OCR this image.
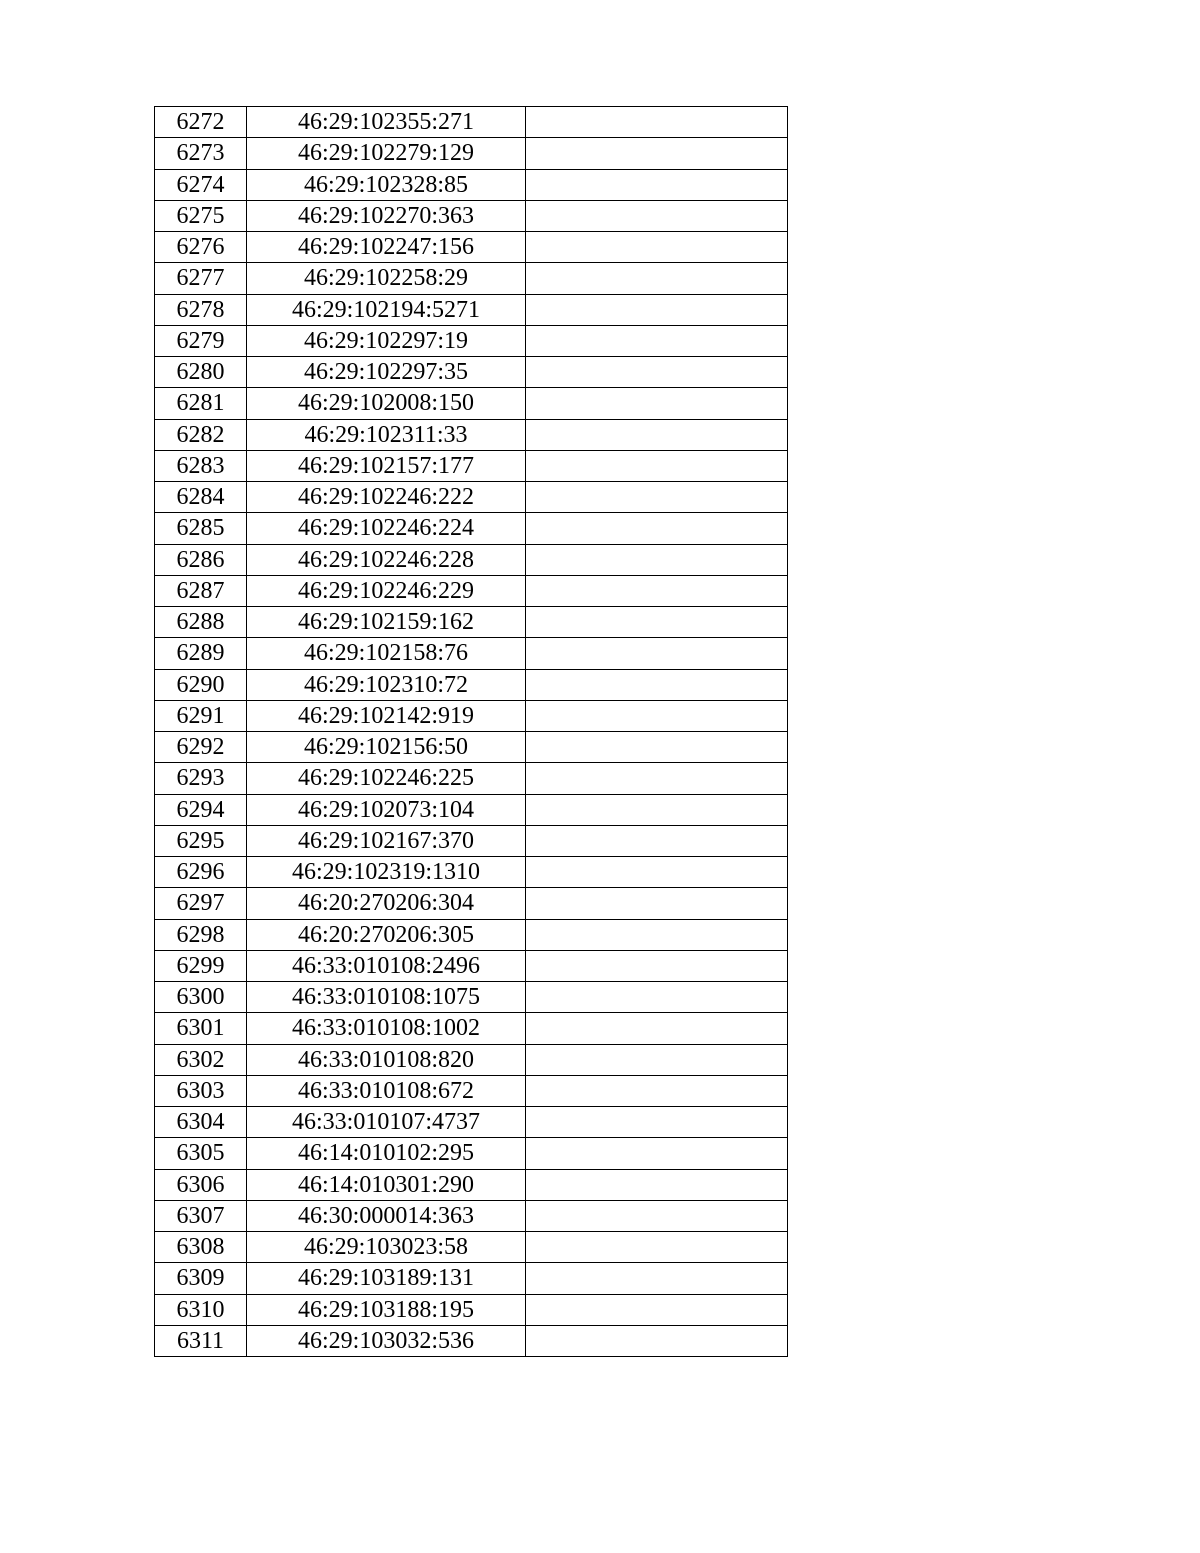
6272	46:29:102355:271	
6273	46:29:102279:129	
6274	46:29:102328:85	
6275	46:29:102270:363	
6276	46:29:102247:156	
6277	46:29:102258:29	
6278	46:29:102194:5271	
6279	46:29:102297:19	
6280	46:29:102297:35	
6281	46:29:102008:150	
6282	46:29:102311:33	
6283	46:29:102157:177	
6284	46:29:102246:222	
6285	46:29:102246:224	
6286	46:29:102246:228	
6287	46:29:102246:229	
6288	46:29:102159:162	
6289	46:29:102158:76	
6290	46:29:102310:72	
6291	46:29:102142:919	
6292	46:29:102156:50	
6293	46:29:102246:225	
6294	46:29:102073:104	
6295	46:29:102167:370	
6296	46:29:102319:1310	
6297	46:20:270206:304	
6298	46:20:270206:305	
6299	46:33:010108:2496	
6300	46:33:010108:1075	
6301	46:33:010108:1002	
6302	46:33:010108:820	
6303	46:33:010108:672	
6304	46:33:010107:4737	
6305	46:14:010102:295	
6306	46:14:010301:290	
6307	46:30:000014:363	
6308	46:29:103023:58	
6309	46:29:103189:131	
6310	46:29:103188:195	
6311	46:29:103032:536	
